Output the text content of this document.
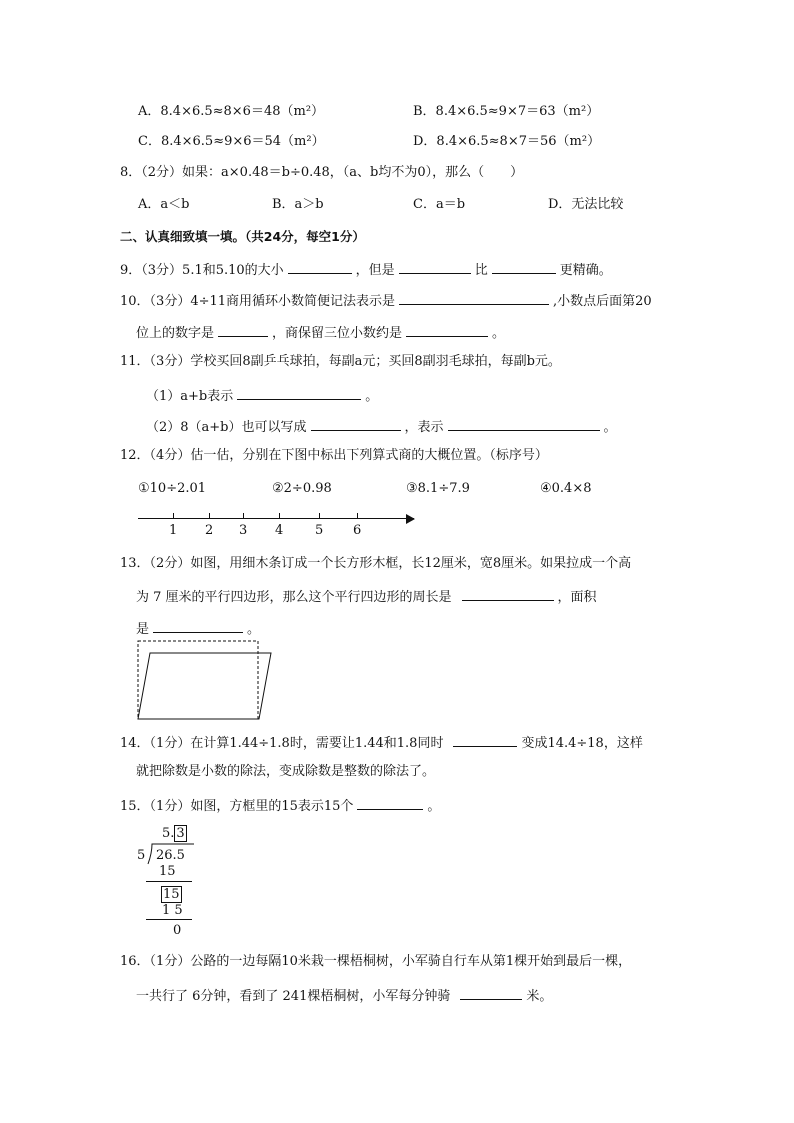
A．8.4×6.5≈8×6＝48（m²）	B．8.4×6.5≈9×7＝63（m²）
C．8.4×6.5≈9×6＝54（m²）	D．8.4×6.5≈8×7＝56（m²）
8．（2分）如果：a×0.48＝b÷0.48，（a、b均不为0），那么（　　）
A．a＜b	B．a＞b	C．a＝b	D．无法比较
二、认真细致填一填。（共24分，每空1分）
9．（3分）5.1和5.10的大小	，但是	比	更精确。
10．（3分）4÷11商用循环小数简便记法表示是	,小数点后面第20
位上的数字是	，商保留三位小数约是	。
11．（3分）学校买回8副乒乓球拍，每副a元；买回8副羽毛球拍，每副b元。
（1）a+b表示	。
（2）8（a+b）也可以写成	，表示	。
12．（4分）估一估，分别在下图中标出下列算式商的大概位置。（标序号）
①10÷2.01	②2÷0.98	③8.1÷7.9	④0.4×8
1 2 3 4 5 6
13．（2分）如图，用细木条订成一个长方形木框，长12厘米，宽8厘米。如果拉成一个高
为 7 厘米的平行四边形，那么这个平行四边形的周长是	，面积
是	。
14．（1分）在计算1.44÷1.8时，需要让1.44和1.8同时	变成14.4÷18，这样
就把除数是小数的除法，变成除数是整数的除法了。
15．（1分）如图，方框里的15表示15个	。
5. 3
5 26.5
15
15
1 5
0
16．（1分）公路的一边每隔10米栽一棵梧桐树，小军骑自行车从第1棵开始到最后一棵，
一共行了 6分钟，看到了 241棵梧桐树，小军每分钟骑	米。
